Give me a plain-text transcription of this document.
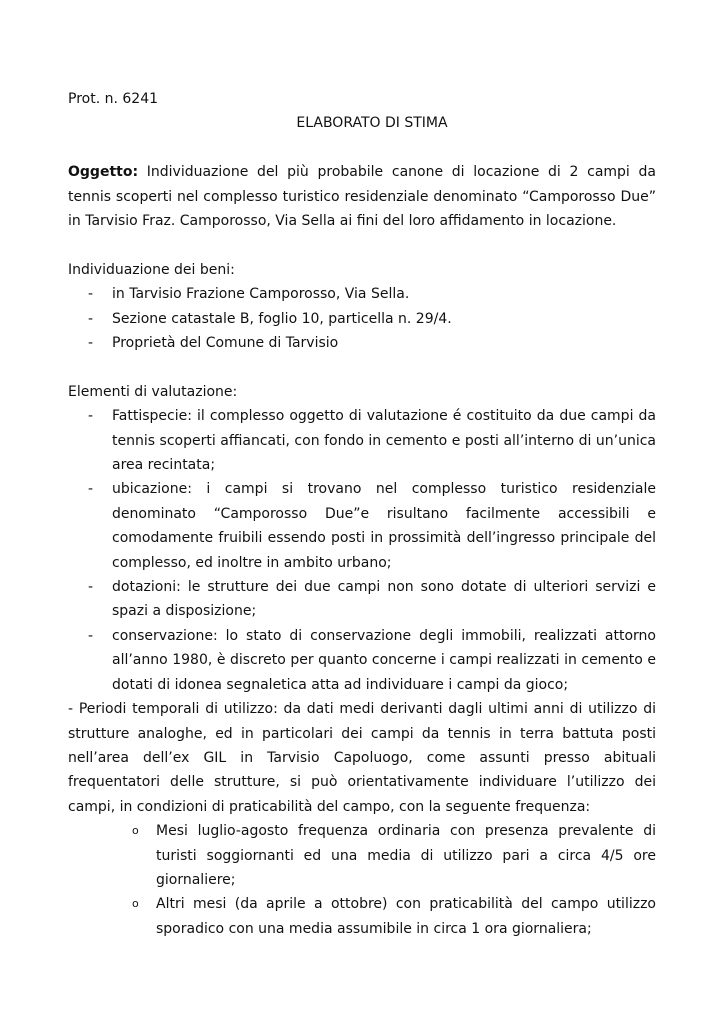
Prot. n. 6241

ELABORATO DI STIMA

Oggetto: Individuazione del più probabile canone di locazione di 2 campi da tennis scoperti nel complesso turistico residenziale denominato “Camporosso Due” in Tarvisio Fraz. Camporosso, Via Sella ai fini del loro affidamento in locazione.

Individuazione dei beni:

- in Tarvisio Frazione Camporosso, Via Sella.
- Sezione catastale B, foglio 10, particella n. 29/4.
- Proprietà del Comune di Tarvisio

Elementi di valutazione:

- Fattispecie: il complesso oggetto di valutazione é costituito da due campi da tennis scoperti affiancati, con fondo in cemento e posti all’interno di un’unica area recintata;
- ubicazione: i campi si trovano nel complesso turistico residenziale denominato “Camporosso Due”e risultano facilmente accessibili e comodamente fruibili essendo posti in prossimità dell’ingresso principale del complesso, ed inoltre in ambito urbano;
- dotazioni: le strutture dei due campi non sono dotate di ulteriori servizi e spazi a disposizione;
- conservazione: lo stato di conservazione degli immobili, realizzati attorno all’anno 1980, è discreto per quanto concerne i campi realizzati in cemento e dotati di idonea segnaletica atta ad individuare i campi da gioco;

- Periodi temporali di utilizzo: da dati medi derivanti dagli ultimi anni di utilizzo di strutture analoghe, ed in particolari dei campi da tennis in terra battuta posti nell’area dell’ex GIL in Tarvisio Capoluogo, come assunti presso abituali frequentatori delle strutture, si può orientativamente individuare l’utilizzo dei campi, in condizioni di praticabilità del campo, con la seguente frequenza:

o Mesi luglio-agosto frequenza ordinaria con presenza prevalente di turisti soggiornanti ed una media di utilizzo pari a circa 4/5 ore giornaliere;
o Altri mesi (da aprile a ottobre) con praticabilità del campo utilizzo sporadico con una media assumibile in circa 1 ora giornaliera;
